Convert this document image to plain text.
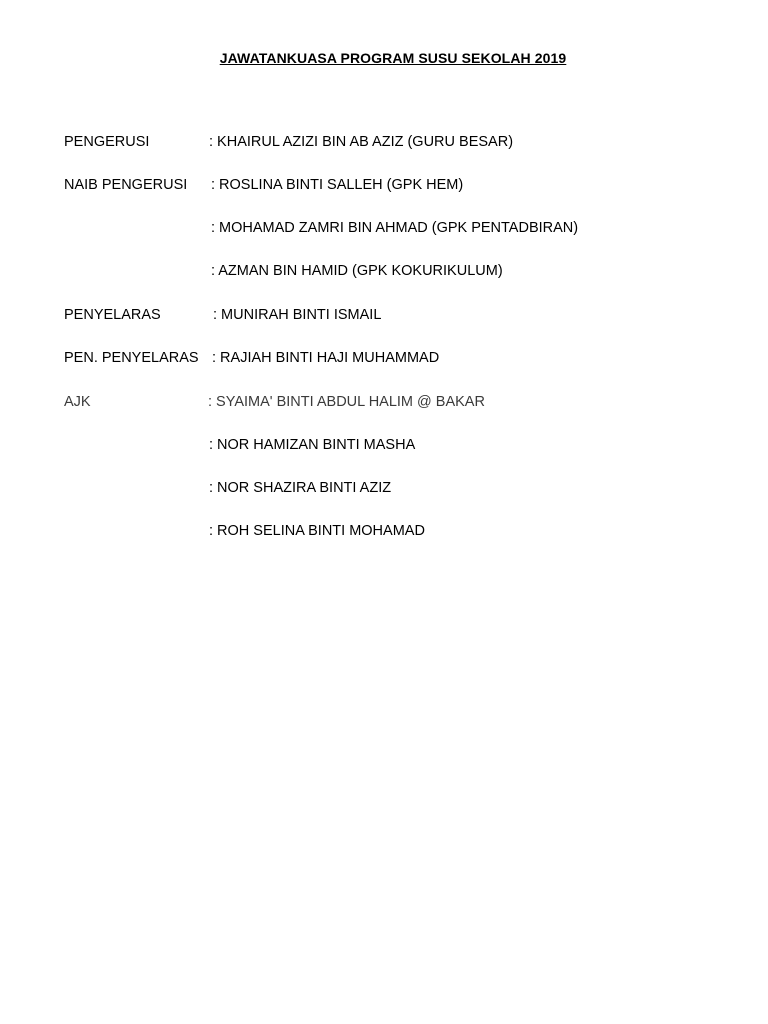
JAWATANKUASA PROGRAM SUSU SEKOLAH 2019
PENGERUSI	: KHAIRUL AZIZI BIN AB AZIZ (GURU BESAR)
NAIB PENGERUSI : ROSLINA BINTI SALLEH (GPK HEM)
: MOHAMAD ZAMRI BIN AHMAD (GPK PENTADBIRAN)
: AZMAN BIN HAMID (GPK KOKURIKULUM)
PENYELARAS	: MUNIRAH BINTI ISMAIL
PEN. PENYELARAS : RAJIAH BINTI HAJI MUHAMMAD
AJK	: SYAIMA' BINTI ABDUL HALIM @ BAKAR
: NOR HAMIZAN BINTI MASHA
: NOR SHAZIRA BINTI AZIZ
: ROH SELINA BINTI MOHAMAD
